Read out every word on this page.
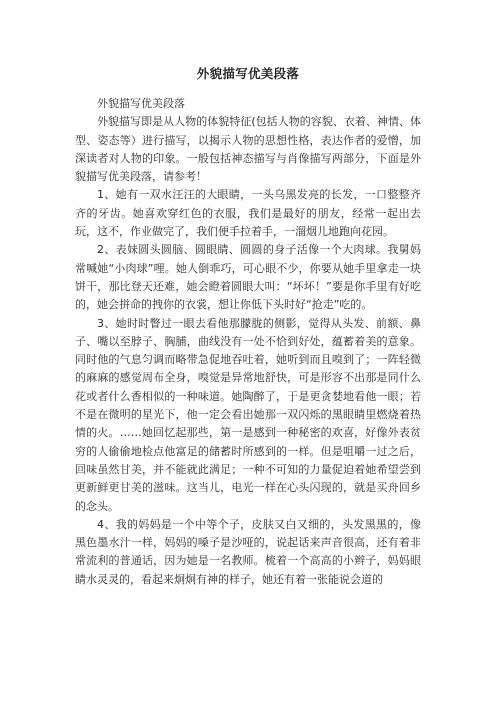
外貌描写优美段落

外貌描写优美段落

外貌描写即是从人物的体貌特征(包括人物的容貌、衣着、神情、体型、姿态等）进行描写，以揭示人物的思想性格，表达作者的爱憎，加深读者对人物的印象。一般包括神态描写与肖像描写两部分，下面是外貌描写优美段落，请参考！

1、她有一双水汪汪的大眼睛，一头乌黑发亮的长发，一口整整齐齐的牙齿。她喜欢穿红色的衣服，我们是最好的朋友，经常一起出去玩，这不，作业做完了，我们便手拉着手，一溜烟儿地跑向花园。

2、表妹圆头圆脑、圆眼睛、圆圆的身子活像一个大肉球。我舅妈常喊她“小肉球”哩。她人倒乖巧，可心眼不少，你要从她手里拿走一块饼干，那比登天还难，她会瞪着圆眼大叫：“坏坏！”要是你手里有好吃的，她会拼命的拽你的衣裳，想让你低下头时好“抢走”吃的。

3、她时时瞥过一眼去看他那朦胧的侧影，觉得从头发、前额、鼻子、嘴以至脖子、胸脯，曲线没有一处不恰到好处，蕴蓄着美的意象。同时他的气息匀调而略带急促地吞吐着，她听到而且嗅到了；一阵轻微的麻麻的感觉周布全身，嗅觉是异常地舒快，可是形容不出那是同什么花或者什么香相似的一种味道。她陶醉了，于是更贪婪地看他一眼；若不是在微明的星光下，他一定会看出她那一双闪烁的黑眼睛里燃烧着热情的火。……她回忆起那些，第一是感到一种秘密的欢喜，好像外表贫穷的人偷偷地检点他富足的储蓄时所感到的一样。但是咀嚼一过之后，回味虽然甘美，并不能就此满足；一种不可知的力量促迫着她希望尝到更新鲜更甘美的滋味。这当儿，电光一样在心头闪现的，就是买舟回乡的念头。

4、我的妈妈是一个中等个子，皮肤又白又细的，头发黑黑的，像黑色墨水汁一样，妈妈的嗓子是沙哑的，说起话来声音很高，还有着非常流利的普通话，因为她是一名教师。梳着一个高高的小辫子，妈妈眼睛水灵灵的，看起来炯炯有神的样子，她还有着一张能说会道的
